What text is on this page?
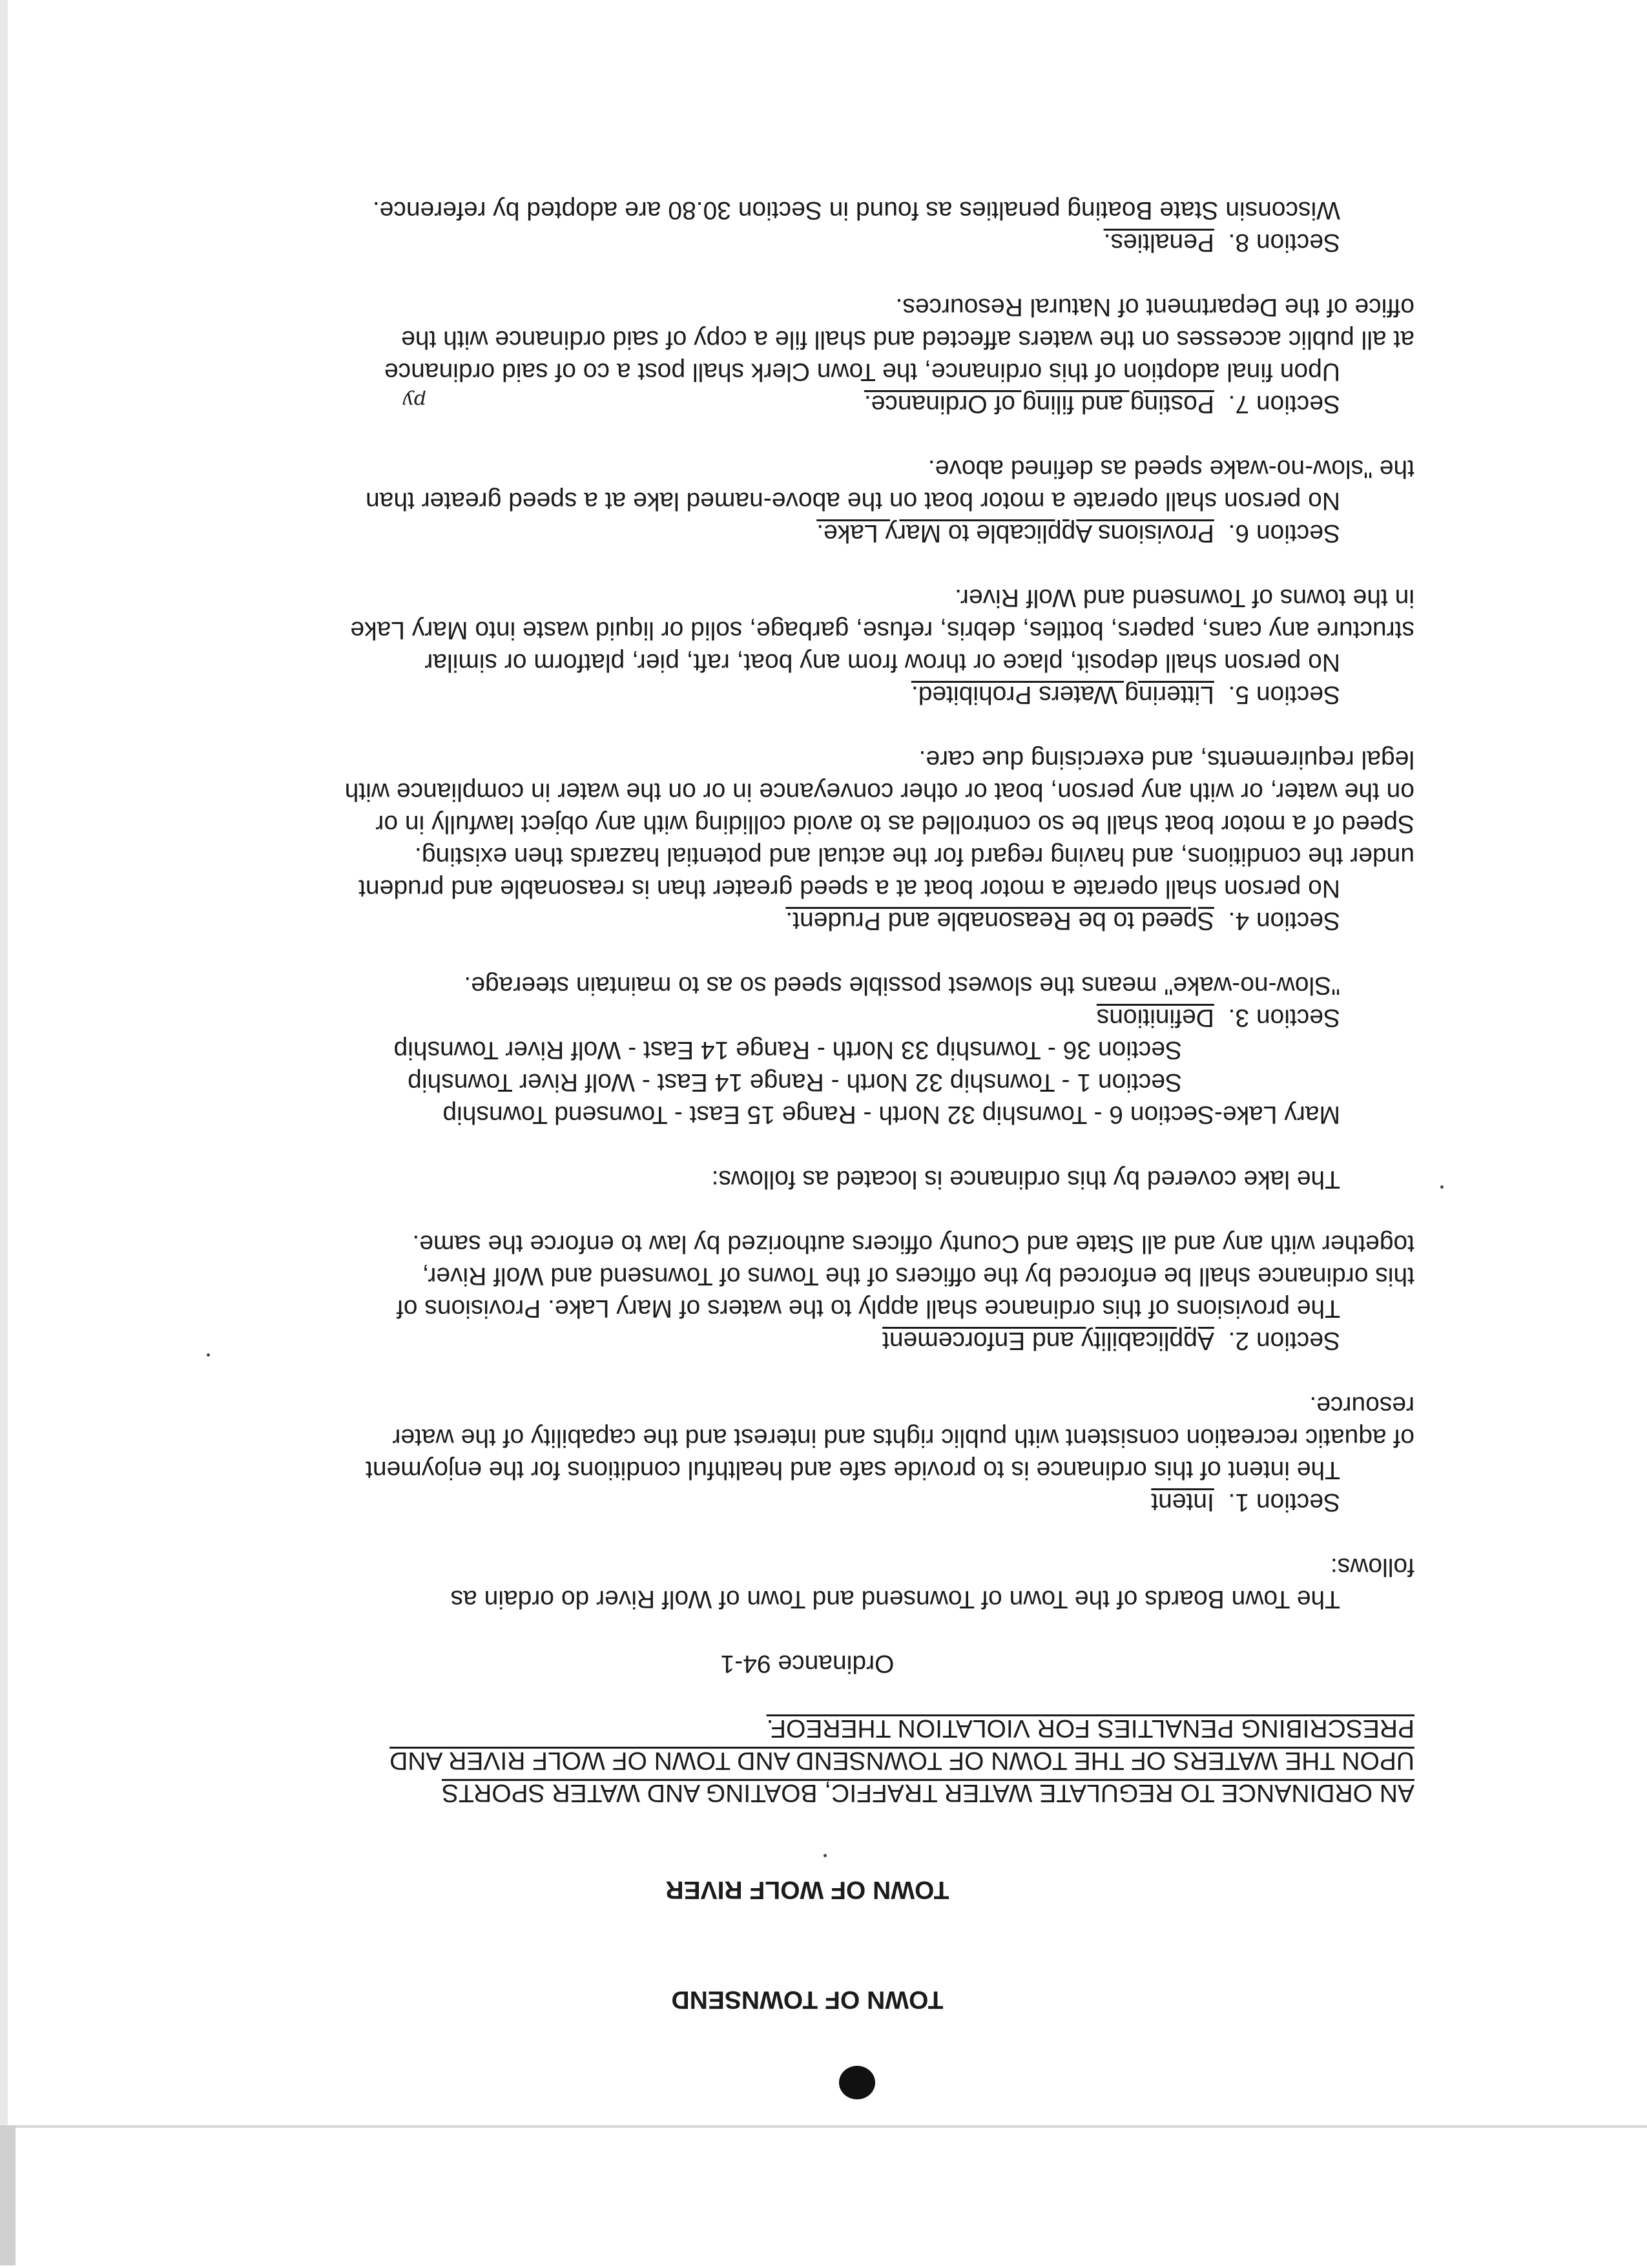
TOWN OF TOWNSEND
TOWN OF WOLF RIVER
AN ORDINANCE TO REGULATE WATER TRAFFIC, BOATING AND WATER SPORTS
UPON THE WATERS OF THE TOWN OF TOWNSEND AND TOWN OF WOLF RIVER AND
PRESCRIBING PENALTIES FOR VIOLATION THEREOF.
Ordinance 94-1
The Town Boards of the Town of Townsend and Town of Wolf River do ordain as
follows:
Section 1.  Intent
The intent of this ordinance is to provide safe and healthful conditions for the enjoyment
of aquatic recreation consistent with public rights and interest and the capability of the water
resource.
Section 2.  Applicability and Enforcement
The provisions of this ordinance shall apply to the waters of Mary Lake. Provisions of
this ordinance shall be enforced by the officers of the Towns of Townsend and Wolf River,
together with any and all State and County officers authorized by law to enforce the same.
The lake covered by this ordinance is located as follows:
Mary Lake-Section 6 - Township 32 North - Range 15 East - Townsend Township
Section 1 - Township 32 North - Range 14 East - Wolf River Township
Section 36 - Township 33 North - Range 14 East - Wolf River Township
Section 3.  Definitions
"Slow-no-wake" means the slowest possible speed so as to maintain steerage.
Section 4.  Speed to be Reasonable and Prudent.
No person shall operate a motor boat at a speed greater than is reasonable and prudent
under the conditions, and having regard for the actual and potential hazards then existing.
Speed of a motor boat shall be so controlled as to avoid colliding with any object lawfully in or
on the water, or with any person, boat or other conveyance in or on the water in compliance with
legal requirements, and exercising due care.
Section 5.  Littering Waters Prohibited.
No person shall deposit, place or throw from any boat, raft, pier, platform or similar
structure any cans, papers, bottles, debris, refuse, garbage, solid or liquid waste into Mary Lake
in the towns of Townsend and Wolf River.
Section 6.  Provisions Applicable to Mary Lake.
No person shall operate a motor boat on the above-named lake at a speed greater than
the "slow-no-wake speed as defined above.
Section 7.  Posting and filing of Ordinance.
py
Upon final adoption of this ordinance, the Town Clerk shall post a co of said ordinance
at all public accesses on the waters affected and shall file a copy of said ordinance with the
office of the Department of Natural Resources.
Section 8.  Penalties.
Wisconsin State Boating penalties as found in Section 30.80 are adopted by reference.
